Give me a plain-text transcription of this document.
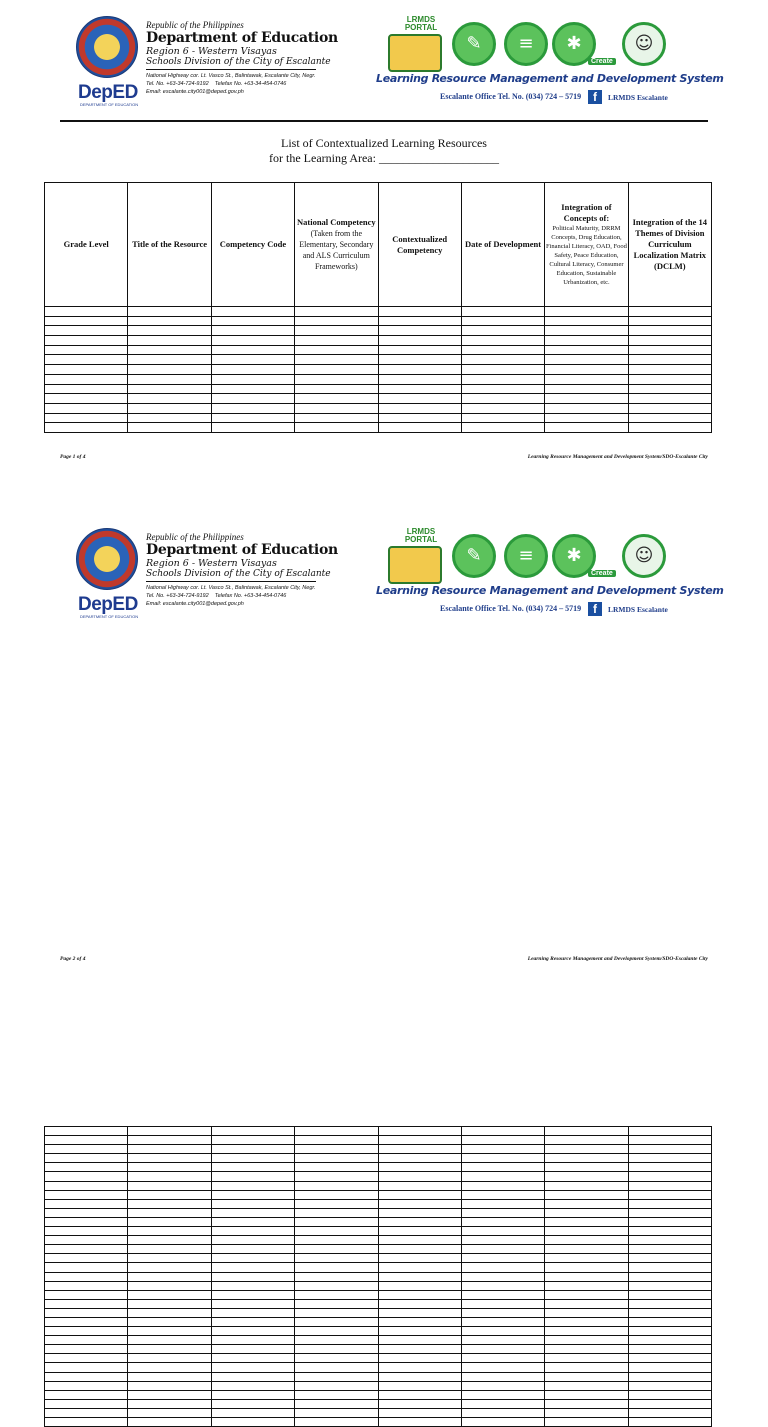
DepED
DEPARTMENT OF EDUCATION
Republic of the Philippines
Department of Education
Region 6 - Western Visayas
Schools Division of the City of Escalante
National Highway cor. Lt. Vasco St., Balintawak, Escalante City, Negr.
Tel. No. +63-34-724-9192 Telefax No. +63-34-454-0746
Email: escalante.city001@deped.gov.ph
LRMDS PORTAL
✎	≡	✱
Create
☺
Learning Resource Management and Development System
Escalante Office Tel. No. (034) 724 – 5719 f	LRMDS Escalante
List of Contextualized Learning Resources
for the Learning Area: ____________________
Grade Level	Title of the Resource	Competency Code	National Competency
(Taken from the Elementary, Secondary and ALS Curriculum Frameworks)	Contextualized Competency	Date of Development	Integration of Concepts of:
Political Maturity, DRRM Concepts, Drug Education, Financial Literacy, OAD, Food Safety, Peace Education, Cultural Literacy, Consumer Education, Sustainable Urbanization, etc.	Integration of the 14 Themes of Division Curriculum Localization Matrix (DCLM)

Page 1 of 4	Learning Resource Management and Development System/SDO-Escalante City
DepED
DEPARTMENT OF EDUCATION
Republic of the Philippines
Department of Education
Region 6 - Western Visayas
Schools Division of the City of Escalante
National Highway cor. Lt. Vasco St., Balintawak, Escalante City, Negr.
Tel. No. +63-34-724-9192 Telefax No. +63-34-454-0746
Email: escalante.city001@deped.gov.ph
LRMDS PORTAL
✎	≡	✱
Create
☺
Learning Resource Management and Development System
Escalante Office Tel. No. (034) 724 – 5719 f	LRMDS Escalante

Page 2 of 4	Learning Resource Management and Development System/SDO-Escalante City
